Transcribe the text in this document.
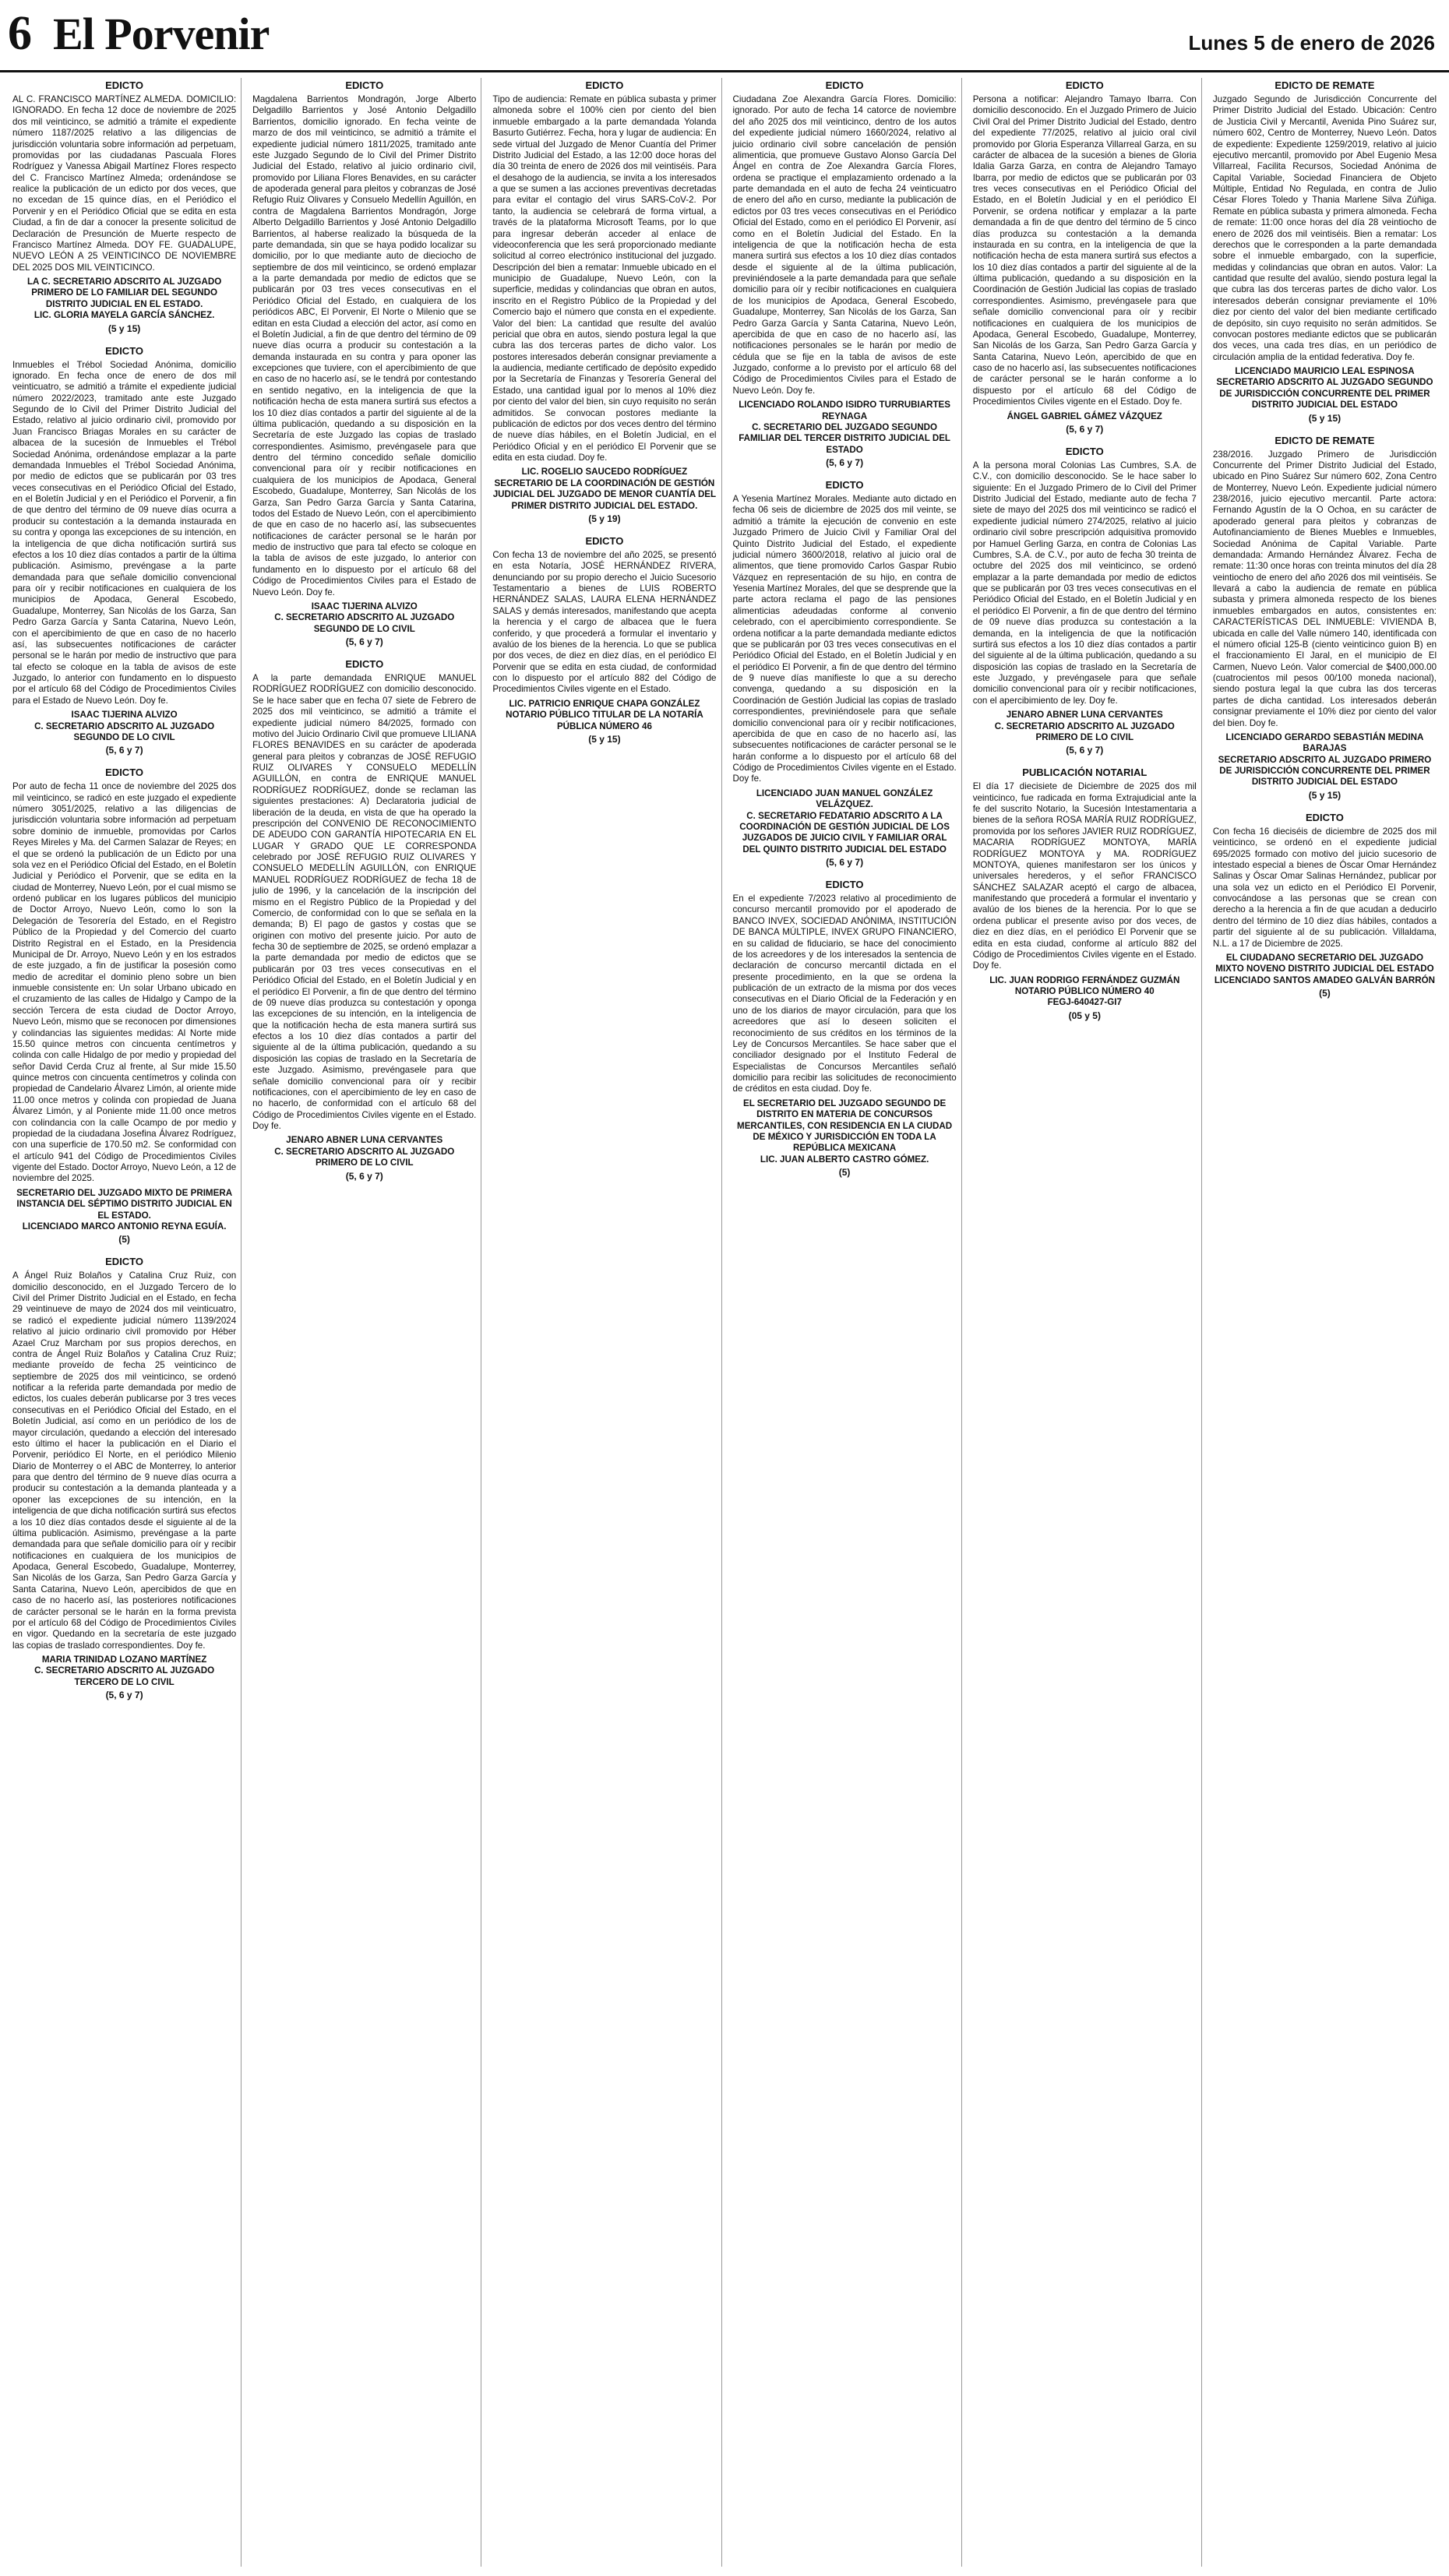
6 El Porvenir	Lunes 5 de enero de 2026
EDICTO

AL C. FRANCISCO MARTÍNEZ ALMEDA. DOMICILIO: IGNORADO. En fecha 12 doce de noviembre de 2025 dos mil veinticinco, se admitió a trámite el expediente número 1187/2025 relativo a las diligencias de jurisdicción voluntaria sobre información ad perpetuam, promovidas por las ciudadanas Pascuala Flores Rodríguez y Vanessa Abigail Martínez Flores respecto del C. Francisco Martínez Almeda; ordenándose se realice la publicación de un edicto por dos veces, que no excedan de 15 quince días, en el Periódico el Porvenir y en el Periódico Oficial que se edita en esta Ciudad, a fin de dar a conocer la presente solicitud de Declaración de Presunción de Muerte respecto de Francisco Martínez Almeda. DOY FE. GUADALUPE, NUEVO LEÓN A 25 VEINTICINCO DE NOVIEMBRE DEL 2025 DOS MIL VEINTICINCO.

LA C. SECRETARIO ADSCRITO AL JUZGADO PRIMERO DE LO FAMILIAR DEL SEGUNDO DISTRITO JUDICIAL EN EL ESTADO.
LIC. GLORIA MAYELA GARCÍA SÁNCHEZ.
(5 y 15)
EDICTO

Inmuebles el Trébol Sociedad Anónima, domicilio ignorado. En fecha once de enero de dos mil veinticuatro, se admitió a trámite el expediente judicial número 2022/2023, tramitado ante este Juzgado Segundo de lo Civil del Primer Distrito Judicial del Estado, relativo al juicio ordinario civil, promovido por Juan Francisco Briagas Morales en su carácter de albacea de la sucesión de Inmuebles el Trébol Sociedad Anónima, ordenándose emplazar a la parte demandada Inmuebles el Trébol Sociedad Anónima, por medio de edictos que se publicarán por 03 tres veces consecutivas en el Periódico Oficial del Estado, en el Boletín Judicial y en el Periódico el Porvenir, a fin de que dentro del término de 09 nueve días ocurra a producir su contestación a la demanda instaurada en su contra y oponga las excepciones de su intención, en la inteligencia de que dicha notificación surtirá sus efectos a los 10 diez días contados a partir de la última publicación. Asimismo, prevéngase a la parte demandada para que señale domicilio convencional para oír y recibir notificaciones en cualquiera de los municipios de Apodaca, General Escobedo, Guadalupe, Monterrey, San Nicolás de los Garza, San Pedro Garza García y Santa Catarina, Nuevo León, con el apercibimiento de que en caso de no hacerlo así, las subsecuentes notificaciones de carácter personal se le harán por medio de instructivo que para tal efecto se coloque en la tabla de avisos de este Juzgado, lo anterior con fundamento en lo dispuesto por el artículo 68 del Código de Procedimientos Civiles para el Estado de Nuevo León. Doy fe.

ISAAC TIJERINA ALVIZO
C. SECRETARIO ADSCRITO AL JUZGADO SEGUNDO DE LO CIVIL
(5, 6 y 7)
EDICTO

Por auto de fecha 11 once de noviembre del 2025 dos mil veinticinco, se radicó en este juzgado el expediente número 3051/2025, relativo a las diligencias de jurisdicción voluntaria sobre información ad perpetuam sobre dominio de inmueble, promovidas por Carlos Reyes Mireles y Ma. del Carmen Salazar de Reyes; en el que se ordenó la publicación de un Edicto por una sola vez en el Periódico Oficial del Estado, en el Boletín Judicial y Periódico el Porvenir, que se edita en la ciudad de Monterrey, Nuevo León, por el cual mismo se ordenó publicar en los lugares públicos del municipio de Doctor Arroyo, Nuevo León, como lo son la Delegación de Tesorería del Estado, en el Registro Público de la Propiedad y del Comercio del cuarto Distrito Registral en el Estado, en la Presidencia Municipal de Dr. Arroyo, Nuevo León y en los estrados de este juzgado, a fin de justificar la posesión como medio de acreditar el dominio pleno sobre un bien inmueble consistente en: Un solar Urbano ubicado en el cruzamiento de las calles de Hidalgo y Campo de la sección Tercera de esta ciudad de Doctor Arroyo, Nuevo León, mismo que se reconocen por dimensiones y colindancias las siguientes medidas: Al Norte mide 15.50 quince metros con cincuenta centímetros y colinda con calle Hidalgo de por medio y propiedad del señor David Cerda Cruz al frente, al Sur mide 15.50 quince metros con cincuenta centímetros y colinda con propiedad de Candelario Álvarez Limón, al oriente mide 11.00 once metros y colinda con propiedad de Juana Álvarez Limón, y al Poniente mide 11.00 once metros con colindancia con la calle Ocampo de por medio y propiedad de la ciudadana Josefina Álvarez Rodríguez, con una superficie de 170.50 m2. Se conformidad con el artículo 941 del Código de Procedimientos Civiles vigente del Estado. Doctor Arroyo, Nuevo León, a 12 de noviembre del 2025.

SECRETARIO DEL JUZGADO MIXTO DE PRIMERA INSTANCIA DEL SÉPTIMO DISTRITO JUDICIAL EN EL ESTADO.
LICENCIADO MARCO ANTONIO REYNA EGUÍA.
(5)
EDICTO

A Ángel Ruiz Bolaños y Catalina Cruz Ruiz, con domicilio desconocido, en el Juzgado Tercero de lo Civil del Primer Distrito Judicial en el Estado, en fecha 29 veintinueve de mayo de 2024 dos mil veinticuatro, se radicó el expediente judicial número 1139/2024 relativo al juicio ordinario civil promovido por Héber Azael Cruz Marcham por sus propios derechos, en contra de Ángel Ruiz Bolaños y Catalina Cruz Ruiz; mediante proveído de fecha 25 veinticinco de septiembre de 2025 dos mil veinticinco, se ordenó notificar a la referida parte demandada por medio de edictos, los cuales deberán publicarse por 3 tres veces consecutivas en el Periódico Oficial del Estado, en el Boletín Judicial, así como en un periódico de los de mayor circulación, quedando a elección del interesado esto último el hacer la publicación en el Diario el Porvenir, periódico El Norte, en el periódico Milenio Diario de Monterrey o el ABC de Monterrey, lo anterior para que dentro del término de 9 nueve días ocurra a producir su contestación a la demanda planteada y a oponer las excepciones de su intención, en la inteligencia de que dicha notificación surtirá sus efectos a los 10 diez días contados desde el siguiente al de la última publicación. Asimismo, prevéngase a la parte demandada para que señale domicilio para oír y recibir notificaciones en cualquiera de los municipios de Apodaca, General Escobedo, Guadalupe, Monterrey, San Nicolás de los Garza, San Pedro Garza García y Santa Catarina, Nuevo León, apercibidos de que en caso de no hacerlo así, las posteriores notificaciones de carácter personal se le harán en la forma prevista por el artículo 68 del Código de Procedimientos Civiles en vigor. Quedando en la secretaría de este juzgado las copias de traslado correspondientes. Doy fe.

MARIA TRINIDAD LOZANO MARTÍNEZ
C. SECRETARIO ADSCRITO AL JUZGADO TERCERO DE LO CIVIL
(5, 6 y 7)
EDICTO

Magdalena Barrientos Mondragón, Jorge Alberto Delgadillo Barrientos y José Antonio Delgadillo Barrientos, domicilio ignorado. En fecha veinte de marzo de dos mil veinticinco, se admitió a trámite el expediente judicial número 1811/2025, tramitado ante este Juzgado Segundo de lo Civil del Primer Distrito Judicial del Estado, relativo al juicio ordinario civil, promovido por Liliana Flores Benavides, en su carácter de apoderada general para pleitos y cobranzas de José Refugio Ruiz Olivares y Consuelo Medellín Aguillón, en contra de Magdalena Barrientos Mondragón, Jorge Alberto Delgadillo Barrientos y José Antonio Delgadillo Barrientos, al haberse realizado la búsqueda de la parte demandada, sin que se haya podido localizar su domicilio, por lo que mediante auto de dieciocho de septiembre de dos mil veinticinco, se ordenó emplazar a la parte demandada por medio de edictos que se publicarán por 03 tres veces consecutivas en el Periódico Oficial del Estado, en cualquiera de los periódicos ABC, El Porvenir, El Norte o Milenio que se editan en esta Ciudad a elección del actor, así como en el Boletín Judicial, a fin de que dentro del término de 09 nueve días ocurra a producir su contestación a la demanda instaurada en su contra y para oponer las excepciones que tuviere, con el apercibimiento de que en caso de no hacerlo así, se le tendrá por contestando en sentido negativo, en la inteligencia de que la notificación hecha de esta manera surtirá sus efectos a los 10 diez días contados a partir del siguiente al de la última publicación, quedando a su disposición en la Secretaría de este Juzgado las copias de traslado correspondientes. Asimismo, prevéngasele para que dentro del término concedido señale domicilio convencional para oír y recibir notificaciones en cualquiera de los municipios de Apodaca, General Escobedo, Guadalupe, Monterrey, San Nicolás de los Garza, San Pedro Garza García y Santa Catarina, todos del Estado de Nuevo León, con el apercibimiento de que en caso de no hacerlo así, las subsecuentes notificaciones de carácter personal se le harán por medio de instructivo que para tal efecto se coloque en la tabla de avisos de este juzgado, lo anterior con fundamento en lo dispuesto por el artículo 68 del Código de Procedimientos Civiles para el Estado de Nuevo León. Doy fe.

ISAAC TIJERINA ALVIZO
C. SECRETARIO ADSCRITO AL JUZGADO SEGUNDO DE LO CIVIL
(5, 6 y 7)
EDICTO

A la parte demandada ENRIQUE MANUEL RODRÍGUEZ RODRÍGUEZ con domicilio desconocido. Se le hace saber que en fecha 07 siete de Febrero de 2025 dos mil veinticinco, se admitió a trámite el expediente judicial número 84/2025, formado con motivo del Juicio Ordinario Civil que promueve LILIANA FLORES BENAVIDES en su carácter de apoderada general para pleitos y cobranzas de JOSÉ REFUGIO RUIZ OLIVARES Y CONSUELO MEDELLÍN AGUILLÓN, en contra de ENRIQUE MANUEL RODRÍGUEZ RODRÍGUEZ, donde se reclaman las siguientes prestaciones: A) Declaratoria judicial de liberación de la deuda, en vista de que ha operado la prescripción del CONVENIO DE RECONOCIMIENTO DE ADEUDO CON GARANTÍA HIPOTECARIA EN EL LUGAR Y GRADO QUE LE CORRESPONDA celebrado por JOSÉ REFUGIO RUIZ OLIVARES Y CONSUELO MEDELLÍN AGUILLÓN, con ENRIQUE MANUEL RODRÍGUEZ RODRÍGUEZ de fecha 18 de julio de 1996, y la cancelación de la inscripción del mismo en el Registro Público de la Propiedad y del Comercio, de conformidad con lo que se señala en la demanda; B) El pago de gastos y costas que se originen con motivo del presente juicio. Por auto de fecha 30 de septiembre de 2025, se ordenó emplazar a la parte demandada por medio de edictos que se publicarán por 03 tres veces consecutivas en el Periódico Oficial del Estado, en el Boletín Judicial y en el periódico El Porvenir, a fin de que dentro del término de 09 nueve días produzca su contestación y oponga las excepciones de su intención, en la inteligencia de que la notificación hecha de esta manera surtirá sus efectos a los 10 diez días contados a partir del siguiente al de la última publicación, quedando a su disposición las copias de traslado en la Secretaría de este Juzgado. Asimismo, prevéngasele para que señale domicilio convencional para oír y recibir notificaciones, con el apercibimiento de ley en caso de no hacerlo, de conformidad con el artículo 68 del Código de Procedimientos Civiles vigente en el Estado. Doy fe.

JENARO ABNER LUNA CERVANTES
C. SECRETARIO ADSCRITO AL JUZGADO PRIMERO DE LO CIVIL
(5, 6 y 7)
EDICTO

Tipo de audiencia: Remate en pública subasta y primer almoneda sobre el 100% cien por ciento del bien inmueble embargado a la parte demandada Yolanda Basurto Gutiérrez. Fecha, hora y lugar de audiencia: En sede virtual del Juzgado de Menor Cuantía del Primer Distrito Judicial del Estado, a las 12:00 doce horas del día 30 treinta de enero de 2026 dos mil veintiséis. Para el desahogo de la audiencia, se invita a los interesados a que se sumen a las acciones preventivas decretadas para evitar el contagio del virus SARS-CoV-2. Por tanto, la audiencia se celebrará de forma virtual, a través de la plataforma Microsoft Teams, por lo que para ingresar deberán acceder al enlace de videoconferencia que les será proporcionado mediante solicitud al correo electrónico institucional del juzgado. Descripción del bien a rematar: Inmueble ubicado en el municipio de Guadalupe, Nuevo León, con la superficie, medidas y colindancias que obran en autos, inscrito en el Registro Público de la Propiedad y del Comercio bajo el número que consta en el expediente. Valor del bien: La cantidad que resulte del avalúo pericial que obra en autos, siendo postura legal la que cubra las dos terceras partes de dicho valor. Los postores interesados deberán consignar previamente a la audiencia, mediante certificado de depósito expedido por la Secretaría de Finanzas y Tesorería General del Estado, una cantidad igual por lo menos al 10% diez por ciento del valor del bien, sin cuyo requisito no serán admitidos. Se convocan postores mediante la publicación de edictos por dos veces dentro del término de nueve días hábiles, en el Boletín Judicial, en el Periódico Oficial y en el periódico El Porvenir que se edita en esta ciudad. Doy fe.

LIC. ROGELIO SAUCEDO RODRÍGUEZ
SECRETARIO DE LA COORDINACIÓN DE GESTIÓN JUDICIAL DEL JUZGADO DE MENOR CUANTÍA DEL PRIMER DISTRITO JUDICIAL DEL ESTADO.
(5 y 19)
EDICTO

Con fecha 13 de noviembre del año 2025, se presentó en esta Notaría, JOSÉ HERNÁNDEZ RIVERA, denunciando por su propio derecho el Juicio Sucesorio Testamentario a bienes de LUIS ROBERTO HERNÁNDEZ SALAS, LAURA ELENA HERNÁNDEZ SALAS y demás interesados, manifestando que acepta la herencia y el cargo de albacea que le fuera conferido, y que procederá a formular el inventario y avalúo de los bienes de la herencia. Lo que se publica por dos veces, de diez en diez días, en el periódico El Porvenir que se edita en esta ciudad, de conformidad con lo dispuesto por el artículo 882 del Código de Procedimientos Civiles vigente en el Estado.

LIC. PATRICIO ENRIQUE CHAPA GONZÁLEZ
NOTARIO PÚBLICO TITULAR DE LA NOTARÍA PÚBLICA NÚMERO 46
(5 y 15)
EDICTO

Ciudadana Zoe Alexandra García Flores. Domicilio: ignorado. Por auto de fecha 14 catorce de noviembre del año 2025 dos mil veinticinco, dentro de los autos del expediente judicial número 1660/2024, relativo al juicio ordinario civil sobre cancelación de pensión alimenticia, que promueve Gustavo Alonso García Del Ángel en contra de Zoe Alexandra García Flores, ordena se practique el emplazamiento ordenado a la parte demandada en el auto de fecha 24 veinticuatro de enero del año en curso, mediante la publicación de edictos por 03 tres veces consecutivas en el Periódico Oficial del Estado, como en el periódico El Porvenir, así como en el Boletín Judicial del Estado. En la inteligencia de que la notificación hecha de esta manera surtirá sus efectos a los 10 diez días contados desde el siguiente al de la última publicación, previniéndosele a la parte demandada para que señale domicilio para oír y recibir notificaciones en cualquiera de los municipios de Apodaca, General Escobedo, Guadalupe, Monterrey, San Nicolás de los Garza, San Pedro Garza García y Santa Catarina, Nuevo León, apercibida de que en caso de no hacerlo así, las notificaciones personales se le harán por medio de cédula que se fije en la tabla de avisos de este Juzgado, conforme a lo previsto por el artículo 68 del Código de Procedimientos Civiles para el Estado de Nuevo León. Doy fe.

LICENCIADO ROLANDO ISIDRO TURRUBIARTES REYNAGA
C. SECRETARIO DEL JUZGADO SEGUNDO FAMILIAR DEL TERCER DISTRITO JUDICIAL DEL ESTADO
(5, 6 y 7)
EDICTO

A Yesenia Martínez Morales. Mediante auto dictado en fecha 06 seis de diciembre de 2025 dos mil veinte, se admitió a trámite la ejecución de convenio en este Juzgado Primero de Juicio Civil y Familiar Oral del Quinto Distrito Judicial del Estado, el expediente judicial número 3600/2018, relativo al juicio oral de alimentos, que tiene promovido Carlos Gaspar Rubio Vázquez en representación de su hijo, en contra de Yesenia Martínez Morales, del que se desprende que la parte actora reclama el pago de las pensiones alimenticias adeudadas conforme al convenio celebrado, con el apercibimiento correspondiente. Se ordena notificar a la parte demandada mediante edictos que se publicarán por 03 tres veces consecutivas en el Periódico Oficial del Estado, en el Boletín Judicial y en el periódico El Porvenir, a fin de que dentro del término de 9 nueve días manifieste lo que a su derecho convenga, quedando a su disposición en la Coordinación de Gestión Judicial las copias de traslado correspondientes, previniéndosele para que señale domicilio convencional para oír y recibir notificaciones, apercibida de que en caso de no hacerlo así, las subsecuentes notificaciones de carácter personal se le harán conforme a lo dispuesto por el artículo 68 del Código de Procedimientos Civiles vigente en el Estado. Doy fe.

LICENCIADO JUAN MANUEL GONZÁLEZ VELÁZQUEZ.
C. SECRETARIO FEDATARIO ADSCRITO A LA COORDINACIÓN DE GESTIÓN JUDICIAL DE LOS JUZGADOS DE JUICIO CIVIL Y FAMILIAR ORAL DEL QUINTO DISTRITO JUDICIAL DEL ESTADO
(5, 6 y 7)
EDICTO

En el expediente 7/2023 relativo al procedimiento de concurso mercantil promovido por el apoderado de BANCO INVEX, SOCIEDAD ANÓNIMA, INSTITUCIÓN DE BANCA MÚLTIPLE, INVEX GRUPO FINANCIERO, en su calidad de fiduciario, se hace del conocimiento de los acreedores y de los interesados la sentencia de declaración de concurso mercantil dictada en el presente procedimiento, en la que se ordena la publicación de un extracto de la misma por dos veces consecutivas en el Diario Oficial de la Federación y en uno de los diarios de mayor circulación, para que los acreedores que así lo deseen soliciten el reconocimiento de sus créditos en los términos de la Ley de Concursos Mercantiles. Se hace saber que el conciliador designado por el Instituto Federal de Especialistas de Concursos Mercantiles señaló domicilio para recibir las solicitudes de reconocimiento de créditos en esta ciudad. Doy fe.

EL SECRETARIO DEL JUZGADO SEGUNDO DE DISTRITO EN MATERIA DE CONCURSOS MERCANTILES, CON RESIDENCIA EN LA CIUDAD DE MÉXICO Y JURISDICCIÓN EN TODA LA REPÚBLICA MEXICANA
LIC. JUAN ALBERTO CASTRO GÓMEZ.
(5)
EDICTO

Persona a notificar: Alejandro Tamayo Ibarra. Con domicilio desconocido. En el Juzgado Primero de Juicio Civil Oral del Primer Distrito Judicial del Estado, dentro del expediente 77/2025, relativo al juicio oral civil promovido por Gloria Esperanza Villarreal Garza, en su carácter de albacea de la sucesión a bienes de Gloria Idalia Garza Garza, en contra de Alejandro Tamayo Ibarra, por medio de edictos que se publicarán por 03 tres veces consecutivas en el Periódico Oficial del Estado, en el Boletín Judicial y en el periódico El Porvenir, se ordena notificar y emplazar a la parte demandada a fin de que dentro del término de 5 cinco días produzca su contestación a la demanda instaurada en su contra, en la inteligencia de que la notificación hecha de esta manera surtirá sus efectos a los 10 diez días contados a partir del siguiente al de la última publicación, quedando a su disposición en la Coordinación de Gestión Judicial las copias de traslado correspondientes. Asimismo, prevéngasele para que señale domicilio convencional para oír y recibir notificaciones en cualquiera de los municipios de Apodaca, General Escobedo, Guadalupe, Monterrey, San Nicolás de los Garza, San Pedro Garza García y Santa Catarina, Nuevo León, apercibido de que en caso de no hacerlo así, las subsecuentes notificaciones de carácter personal se le harán conforme a lo dispuesto por el artículo 68 del Código de Procedimientos Civiles vigente en el Estado. Doy fe.

ÁNGEL GABRIEL GÁMEZ VÁZQUEZ
(5, 6 y 7)
EDICTO

A la persona moral Colonias Las Cumbres, S.A. de C.V., con domicilio desconocido. Se le hace saber lo siguiente: En el Juzgado Primero de lo Civil del Primer Distrito Judicial del Estado, mediante auto de fecha 7 siete de mayo del 2025 dos mil veinticinco se radicó el expediente judicial número 274/2025, relativo al juicio ordinario civil sobre prescripción adquisitiva promovido por Hamuel Gerling Garza, en contra de Colonias Las Cumbres, S.A. de C.V., por auto de fecha 30 treinta de octubre del 2025 dos mil veinticinco, se ordenó emplazar a la parte demandada por medio de edictos que se publicarán por 03 tres veces consecutivas en el Periódico Oficial del Estado, en el Boletín Judicial y en el periódico El Porvenir, a fin de que dentro del término de 09 nueve días produzca su contestación a la demanda, en la inteligencia de que la notificación surtirá sus efectos a los 10 diez días contados a partir del siguiente al de la última publicación, quedando a su disposición las copias de traslado en la Secretaría de este Juzgado, y prevéngasele para que señale domicilio convencional para oír y recibir notificaciones, con el apercibimiento de ley. Doy fe.

JENARO ABNER LUNA CERVANTES
C. SECRETARIO ADSCRITO AL JUZGADO PRIMERO DE LO CIVIL
(5, 6 y 7)
PUBLICACIÓN NOTARIAL

El día 17 diecisiete de Diciembre de 2025 dos mil veinticinco, fue radicada en forma Extrajudicial ante la fe del suscrito Notario, la Sucesión Intestamentaria a bienes de la señora ROSA MARÍA RUIZ RODRÍGUEZ, promovida por los señores JAVIER RUIZ RODRÍGUEZ, MACARIA RODRÍGUEZ MONTOYA, MARÍA RODRÍGUEZ MONTOYA y MA. RODRÍGUEZ MONTOYA, quienes manifestaron ser los únicos y universales herederos, y el señor FRANCISCO SÁNCHEZ SALAZAR aceptó el cargo de albacea, manifestando que procederá a formular el inventario y avalúo de los bienes de la herencia. Por lo que se ordena publicar el presente aviso por dos veces, de diez en diez días, en el periódico El Porvenir que se edita en esta ciudad, conforme al artículo 882 del Código de Procedimientos Civiles vigente en el Estado. Doy fe.

LIC. JUAN RODRIGO FERNÁNDEZ GUZMÁN
NOTARIO PÚBLICO NÚMERO 40
FEGJ-640427-GI7
(05 y 5)
EDICTO DE REMATE

Juzgado Segundo de Jurisdicción Concurrente del Primer Distrito Judicial del Estado. Ubicación: Centro de Justicia Civil y Mercantil, Avenida Pino Suárez sur, número 602, Centro de Monterrey, Nuevo León. Datos de expediente: Expediente 1259/2019, relativo al juicio ejecutivo mercantil, promovido por Abel Eugenio Mesa Villarreal, Facilita Recursos, Sociedad Anónima de Capital Variable, Sociedad Financiera de Objeto Múltiple, Entidad No Regulada, en contra de Julio César Flores Toledo y Thania Marlene Silva Zúñiga. Remate en pública subasta y primera almoneda. Fecha de remate: 11:00 once horas del día 28 veintiocho de enero de 2026 dos mil veintiséis. Bien a rematar: Los derechos que le corresponden a la parte demandada sobre el inmueble embargado, con la superficie, medidas y colindancias que obran en autos. Valor: La cantidad que resulte del avalúo, siendo postura legal la que cubra las dos terceras partes de dicho valor. Los interesados deberán consignar previamente el 10% diez por ciento del valor del bien mediante certificado de depósito, sin cuyo requisito no serán admitidos. Se convocan postores mediante edictos que se publicarán dos veces, una cada tres días, en un periódico de circulación amplia de la entidad federativa. Doy fe.

LICENCIADO MAURICIO LEAL ESPINOSA
SECRETARIO ADSCRITO AL JUZGADO SEGUNDO DE JURISDICCIÓN CONCURRENTE DEL PRIMER DISTRITO JUDICIAL DEL ESTADO
(5 y 15)
EDICTO DE REMATE

238/2016. Juzgado Primero de Jurisdicción Concurrente del Primer Distrito Judicial del Estado, ubicado en Pino Suárez Sur número 602, Zona Centro de Monterrey, Nuevo León. Expediente judicial número 238/2016, juicio ejecutivo mercantil. Parte actora: Fernando Agustín de la O Ochoa, en su carácter de apoderado general para pleitos y cobranzas de Autofinanciamiento de Bienes Muebles e Inmuebles, Sociedad Anónima de Capital Variable. Parte demandada: Armando Hernández Álvarez. Fecha de remate: 11:30 once horas con treinta minutos del día 28 veintiocho de enero del año 2026 dos mil veintiséis. Se llevará a cabo la audiencia de remate en pública subasta y primera almoneda respecto de los bienes inmuebles embargados en autos, consistentes en: CARACTERÍSTICAS DEL INMUEBLE: VIVIENDA B, ubicada en calle del Valle número 140, identificada con el número oficial 125-B (ciento veinticinco guion B) en el fraccionamiento El Jaral, en el municipio de El Carmen, Nuevo León. Valor comercial de $400,000.00 (cuatrocientos mil pesos 00/100 moneda nacional), siendo postura legal la que cubra las dos terceras partes de dicha cantidad. Los interesados deberán consignar previamente el 10% diez por ciento del valor del bien. Doy fe.

LICENCIADO GERARDO SEBASTIÁN MEDINA BARAJAS
SECRETARIO ADSCRITO AL JUZGADO PRIMERO DE JURISDICCIÓN CONCURRENTE DEL PRIMER DISTRITO JUDICIAL DEL ESTADO
(5 y 15)
EDICTO

Con fecha 16 dieciséis de diciembre de 2025 dos mil veinticinco, se ordenó en el expediente judicial 695/2025 formado con motivo del juicio sucesorio de intestado especial a bienes de Óscar Omar Hernández Salinas y Óscar Omar Salinas Hernández, publicar por una sola vez un edicto en el Periódico El Porvenir, convocándose a las personas que se crean con derecho a la herencia a fin de que acudan a deducirlo dentro del término de 10 diez días hábiles, contados a partir del siguiente al de su publicación. Villaldama, N.L. a 17 de Diciembre de 2025.

EL CIUDADANO SECRETARIO DEL JUZGADO MIXTO NOVENO DISTRITO JUDICIAL DEL ESTADO
LICENCIADO SANTOS AMADEO GALVÁN BARRÓN
(5)
